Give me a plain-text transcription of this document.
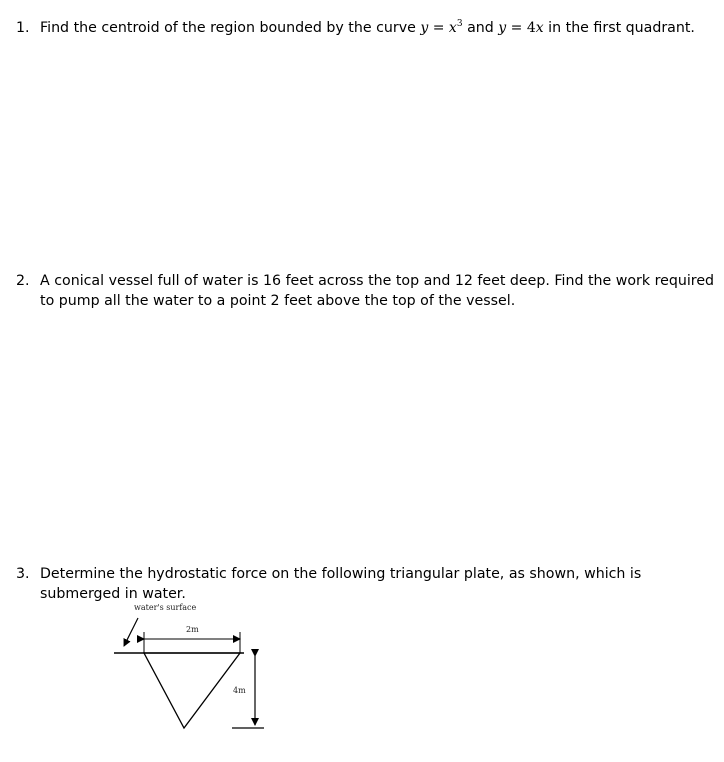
1. Find the centroid of the region bounded by the curve $y = x^3$ and y = 4x in the first quadrant.
2. A conical vessel full of water is 16 feet across the top and 12 feet deep. Find the work required to pump all the water to a point 2 feet above the top of the vessel.
3. Determine the hydrostatic force on the following triangular plate, as shown, which is submerged in water.
water's surface
2m
4m
